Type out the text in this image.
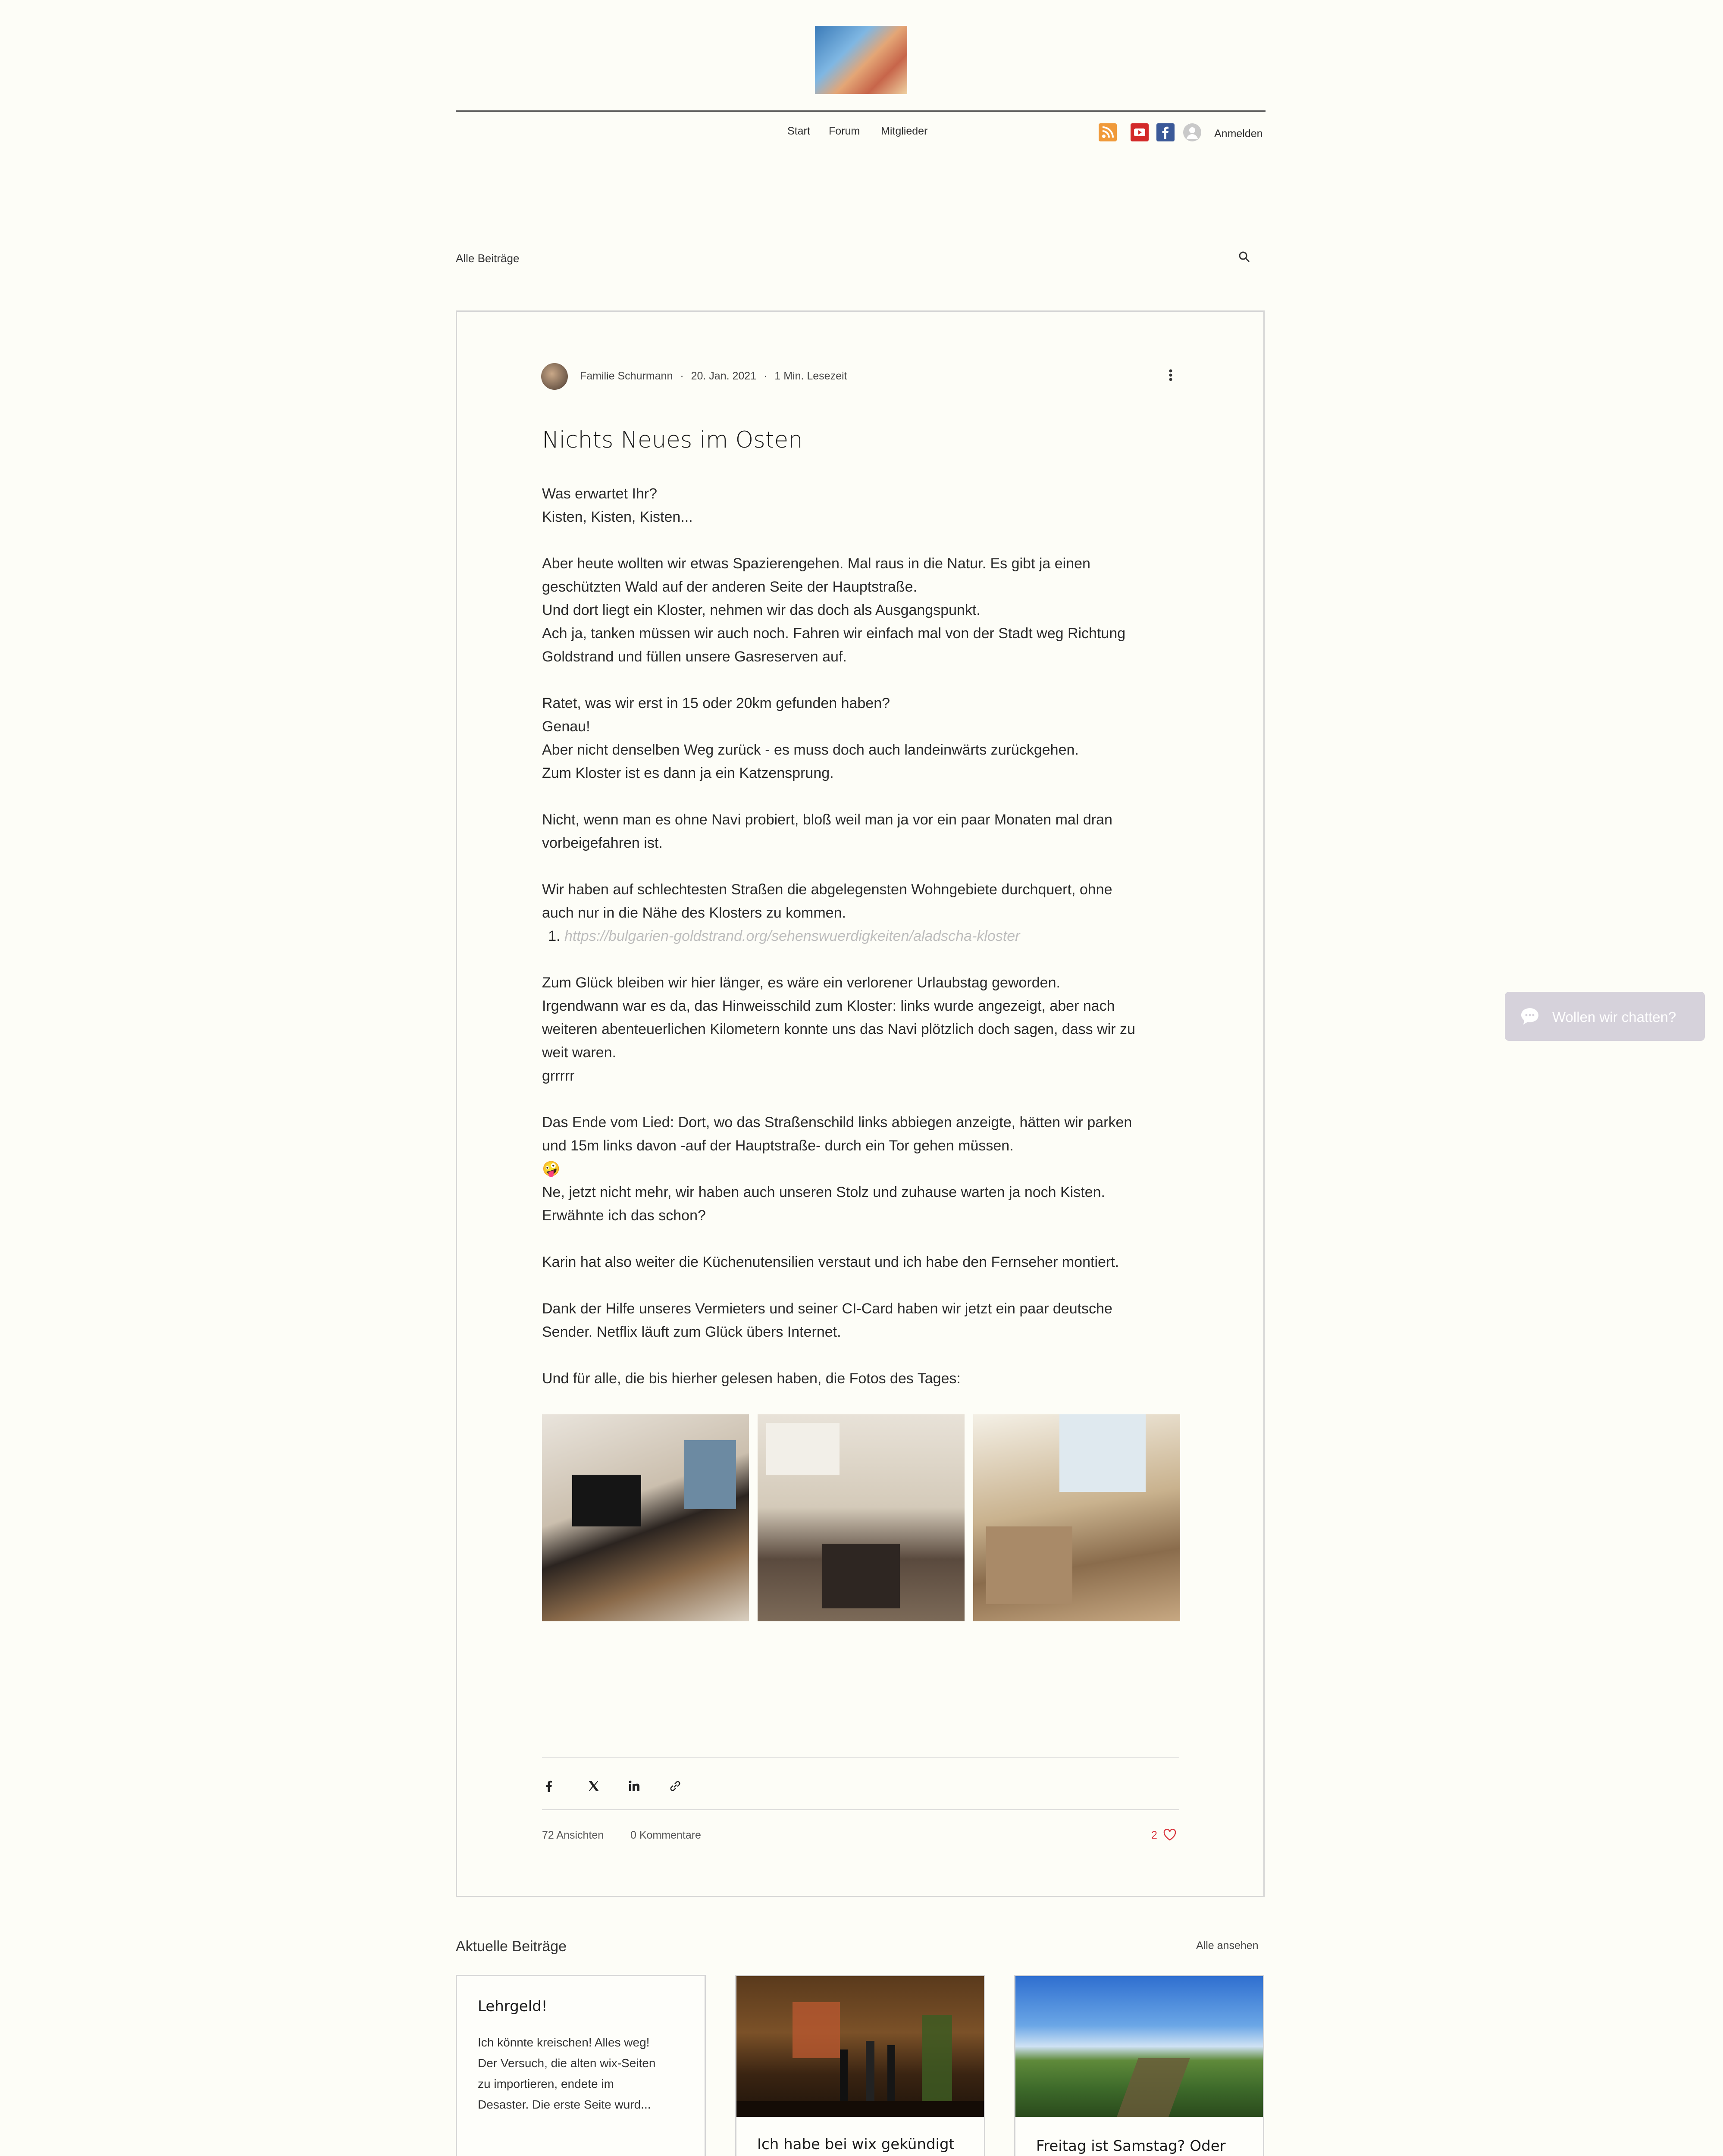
Start Forum Mitglieder	Anmelden
Alle Beiträge
Familie Schurmann · 20. Jan. 2021 · 1 Min. Lesezeit
Nichts Neues im Osten

Was erwartet Ihr?

Kisten, Kisten, Kisten...

Aber heute wollten wir etwas Spazierengehen. Mal raus in die Natur. Es gibt ja einen

geschützten Wald auf der anderen Seite der Hauptstraße.

Und dort liegt ein Kloster, nehmen wir das doch als Ausgangspunkt.

Ach ja, tanken müssen wir auch noch. Fahren wir einfach mal von der Stadt weg Richtung

Goldstrand und füllen unsere Gasreserven auf.

Ratet, was wir erst in 15 oder 20km gefunden haben?

Genau!

Aber nicht denselben Weg zurück - es muss doch auch landeinwärts zurückgehen.

Zum Kloster ist es dann ja ein Katzensprung.

Nicht, wenn man es ohne Navi probiert, bloß weil man ja vor ein paar Monaten mal dran

vorbeigefahren ist.

Wir haben auf schlechtesten Straßen die abgelegensten Wohngebiete durchquert, ohne

auch nur in die Nähe des Klosters zu kommen.

1. https://bulgarien-goldstrand.org/sehenswuerdigkeiten/aladscha-kloster

Zum Glück bleiben wir hier länger, es wäre ein verlorener Urlaubstag geworden.

Irgendwann war es da, das Hinweisschild zum Kloster: links wurde angezeigt, aber nach

weiteren abenteuerlichen Kilometern konnte uns das Navi plötzlich doch sagen, dass wir zu

weit waren.

grrrrr

Das Ende vom Lied: Dort, wo das Straßenschild links abbiegen anzeigte, hätten wir parken

und 15m links davon -auf der Hauptstraße- durch ein Tor gehen müssen.

🤪

Ne, jetzt nicht mehr, wir haben auch unseren Stolz und zuhause warten ja noch Kisten.

Erwähnte ich das schon?

Karin hat also weiter die Küchenutensilien verstaut und ich habe den Fernseher montiert.

Dank der Hilfe unseres Vermieters und seiner CI-Card haben wir jetzt ein paar deutsche

Sender. Netflix läuft zum Glück übers Internet.

Und für alle, die bis hierher gelesen haben, die Fotos des Tages:

72 Ansichten 0 Kommentare	2
Aktuelle Beiträge	Alle ansehen
Lehrgeld!
Ich könnte kreischen! Alles weg!
Der Versuch, die alten wix-Seiten
zu importieren, endete im
Desaster. Die erste Seite wurd...
Ich habe bei wix gekündigt	Freitag ist Samstag? Oder
Wollen wir chatten?
